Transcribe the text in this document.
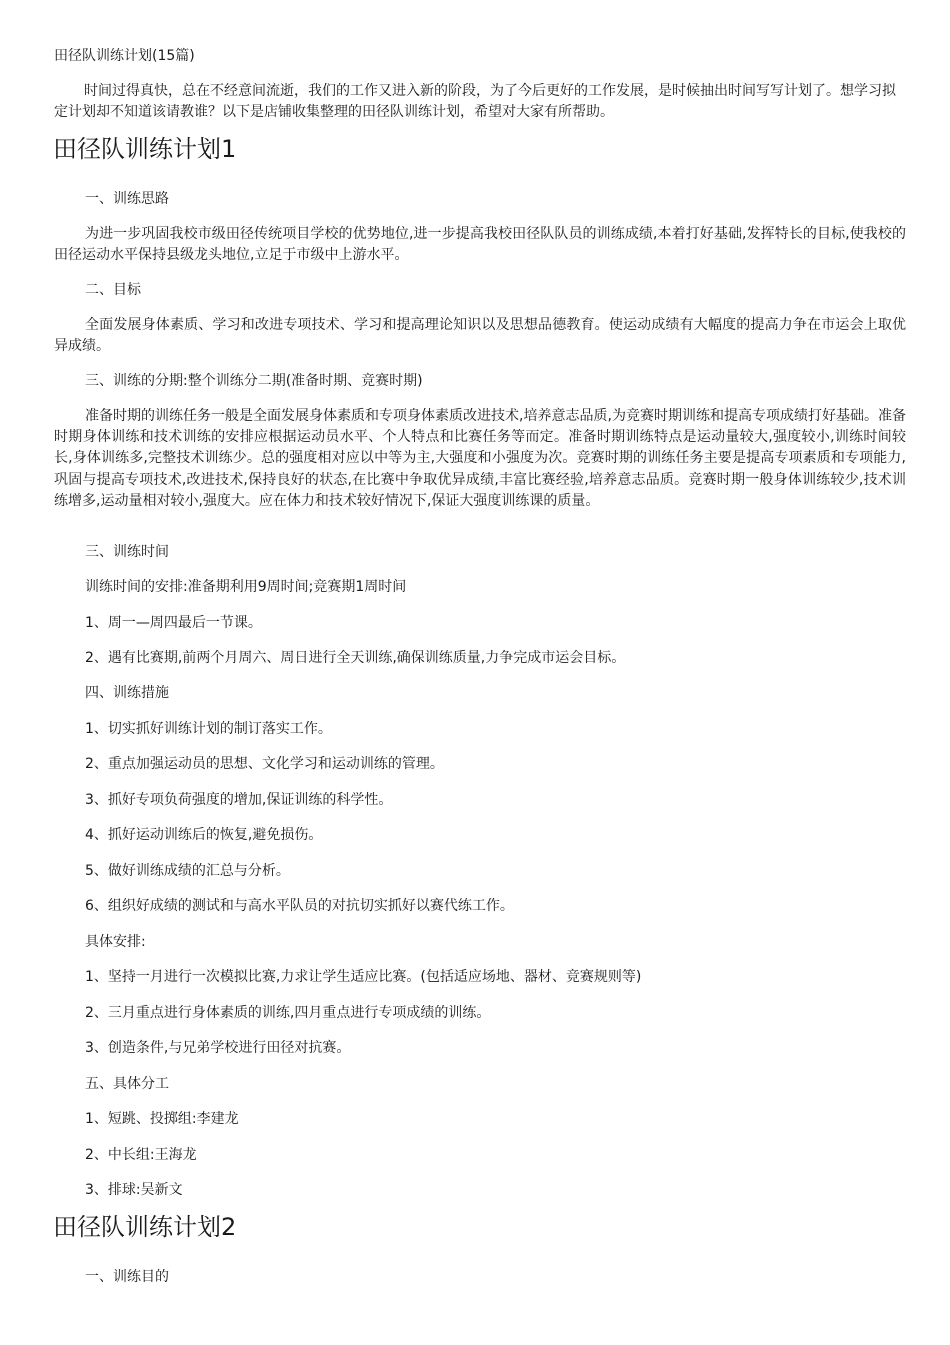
田径队训练计划(15篇)

时间过得真快，总在不经意间流逝，我们的工作又进入新的阶段，为了今后更好的工作发展，是时候抽出时间写写计划了。想学习拟定计划却不知道该请教谁？以下是店铺收集整理的田径队训练计划，希望对大家有所帮助。

田径队训练计划1

一、训练思路

为进一步巩固我校市级田径传统项目学校的优势地位,进一步提高我校田径队队员的训练成绩,本着打好基础,发挥特长的目标,使我校的田径运动水平保持县级龙头地位,立足于市级中上游水平。

二、目标

全面发展身体素质、学习和改进专项技术、学习和提高理论知识以及思想品德教育。使运动成绩有大幅度的提高力争在市运会上取优异成绩。

三、训练的分期:整个训练分二期(准备时期、竞赛时期)

准备时期的训练任务一般是全面发展身体素质和专项身体素质改进技术,培养意志品质,为竞赛时期训练和提高专项成绩打好基础。准备时期身体训练和技术训练的安排应根据运动员水平、个人特点和比赛任务等而定。准备时期训练特点是运动量较大,强度较小,训练时间较长,身体训练多,完整技术训练少。总的强度相对应以中等为主,大强度和小强度为次。竞赛时期的训练任务主要是提高专项素质和专项能力,巩固与提高专项技术,改进技术,保持良好的状态,在比赛中争取优异成绩,丰富比赛经验,培养意志品质。竞赛时期一般身体训练较少,技术训练增多,运动量相对较小,强度大。应在体力和技术较好情况下,保证大强度训练课的质量。

三、训练时间

训练时间的安排:准备期利用9周时间;竞赛期1周时间

1、周一—周四最后一节课。

2、遇有比赛期,前两个月周六、周日进行全天训练,确保训练质量,力争完成市运会目标。

四、训练措施

1、切实抓好训练计划的制订落实工作。

2、重点加强运动员的思想、文化学习和运动训练的管理。

3、抓好专项负荷强度的增加,保证训练的科学性。

4、抓好运动训练后的恢复,避免损伤。

5、做好训练成绩的汇总与分析。

6、组织好成绩的测试和与高水平队员的对抗切实抓好以赛代练工作。

具体安排:

1、坚持一月进行一次模拟比赛,力求让学生适应比赛。(包括适应场地、器材、竞赛规则等)

2、三月重点进行身体素质的训练,四月重点进行专项成绩的训练。

3、创造条件,与兄弟学校进行田径对抗赛。

五、具体分工

1、短跳、投掷组:李建龙

2、中长组:王海龙

3、排球:吴新文

田径队训练计划2

一、训练目的
